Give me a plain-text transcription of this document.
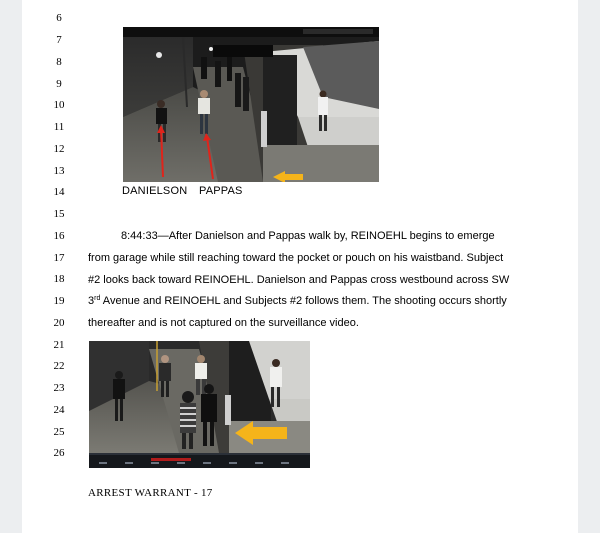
6
7
8
9
10
11
12
13
14
15
16
17
18
19
20
21
22
23
24
25
26
DANIELSON PAPPAS
8:44:33—After Danielson and Pappas walk by, REINOEHL begins to emerge
from garage while still reaching toward the pocket or pouch on his waistband. Subject
#2 looks back toward REINOEHL. Danielson and Pappas cross westbound across SW
3rd Avenue and REINOEHL and Subjects #2 follows them. The shooting occurs shortly
thereafter and is not captured on the surveillance video.
ARREST WARRANT - 17
